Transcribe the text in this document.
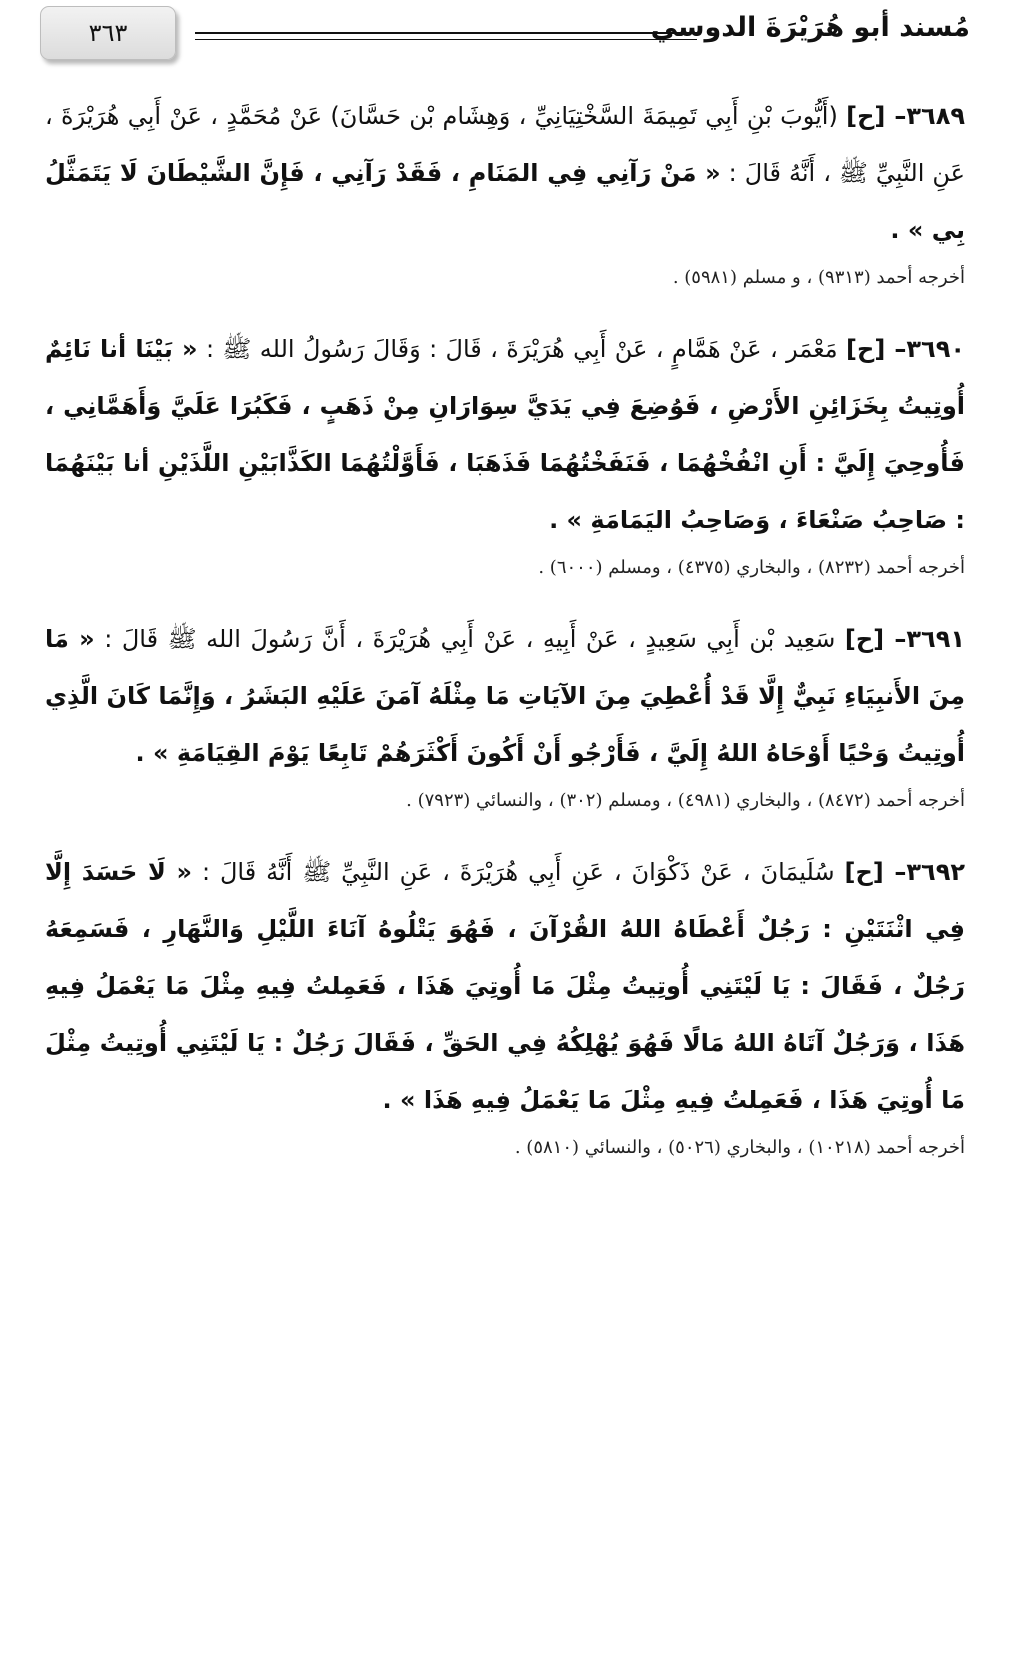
مُسند أبو هُرَيْرَةَ الدوسي
٣٦٣

٣٦٨٩– [ح] (أَيُّوبَ بْنِ أَبِي تَمِيمَةَ السَّخْتِيَانِيِّ ، وَهِشَام بْن حَسَّانَ) عَنْ مُحَمَّدٍ ، عَنْ أَبِي هُرَيْرَةَ ، عَنِ النَّبِيِّ ﷺ ، أَنَّهُ قَالَ : « مَنْ رَآنِي فِي المَنَامِ ، فَقَدْ رَآنِي ، فَإِنَّ الشَّيْطَانَ لَا يَتَمَثَّلُ بِي » .

أخرجه أحمد (٩٣١٣) ، و مسلم (٥٩٨١) .

٣٦٩٠– [ح] مَعْمَر ، عَنْ هَمَّامٍ ، عَنْ أَبِي هُرَيْرَةَ ، قَالَ : وَقَالَ رَسُولُ الله ﷺ : « بَيْنَا أنا نَائِمٌ أُوتِيتُ بِخَزَائِنِ الأَرْضِ ، فَوُضِعَ فِي يَدَيَّ سِوَارَانِ مِنْ ذَهَبٍ ، فَكَبُرَا عَلَيَّ وَأَهَمَّانِي ، فَأُوحِيَ إِلَيَّ : أَنِ انْفُخْهُمَا ، فَنَفَخْتُهُمَا فَذَهَبَا ، فَأَوَّلْتُهُمَا الكَذَّابَيْنِ اللَّذَيْنِ أنا بَيْنَهُمَا : صَاحِبُ صَنْعَاءَ ، وَصَاحِبُ اليَمَامَةِ » .

أخرجه أحمد (٨٢٣٢) ، والبخاري (٤٣٧٥) ، ومسلم (٦٠٠٠) .

٣٦٩١– [ح] سَعِيد بْن أَبِي سَعِيدٍ ، عَنْ أَبِيهِ ، عَنْ أَبِي هُرَيْرَةَ ، أَنَّ رَسُولَ الله ﷺ قَالَ : « مَا مِنَ الأَنبِيَاءِ نَبِيٌّ إِلَّا قَدْ أُعْطِيَ مِنَ الآيَاتِ مَا مِثْلَهُ آمَنَ عَلَيْهِ البَشَرُ ، وَإِنَّمَا كَانَ الَّذِي أُوتِيتُ وَحْيًا أَوْحَاهُ اللهُ إِلَيَّ ، فَأَرْجُو أَنْ أَكُونَ أَكْثَرَهُمْ تَابِعًا يَوْمَ القِيَامَةِ » .

أخرجه أحمد (٨٤٧٢) ، والبخاري (٤٩٨١) ، ومسلم (٣٠٢) ، والنسائي (٧٩٢٣) .

٣٦٩٢– [ح] سُلَيمَانَ ، عَنْ ذَكْوَانَ ، عَنِ أَبِي هُرَيْرَةَ ، عَنِ النَّبِيِّ ﷺ أَنَّهُ قَالَ : « لَا حَسَدَ إِلَّا فِي اثْنَتَيْنِ : رَجُلٌ أَعْطَاهُ اللهُ القُرْآنَ ، فَهُوَ يَتْلُوهُ آنَاءَ اللَّيْلِ وَالنَّهَارِ ، فَسَمِعَهُ رَجُلٌ ، فَقَالَ : يَا لَيْتَنِي أُوتِيتُ مِثْلَ مَا أُوتِيَ هَذَا ، فَعَمِلتُ فِيهِ مِثْلَ مَا يَعْمَلُ فِيهِ هَذَا ، وَرَجُلٌ آتَاهُ اللهُ مَالًا فَهُوَ يُهْلِكُهُ فِي الحَقِّ ، فَقَالَ رَجُلٌ : يَا لَيْتَنِي أُوتِيتُ مِثْلَ مَا أُوتِيَ هَذَا ، فَعَمِلتُ فِيهِ مِثْلَ مَا يَعْمَلُ فِيهِ هَذَا » .

أخرجه أحمد (١٠٢١٨) ، والبخاري (٥٠٢٦) ، والنسائي (٥٨١٠) .
